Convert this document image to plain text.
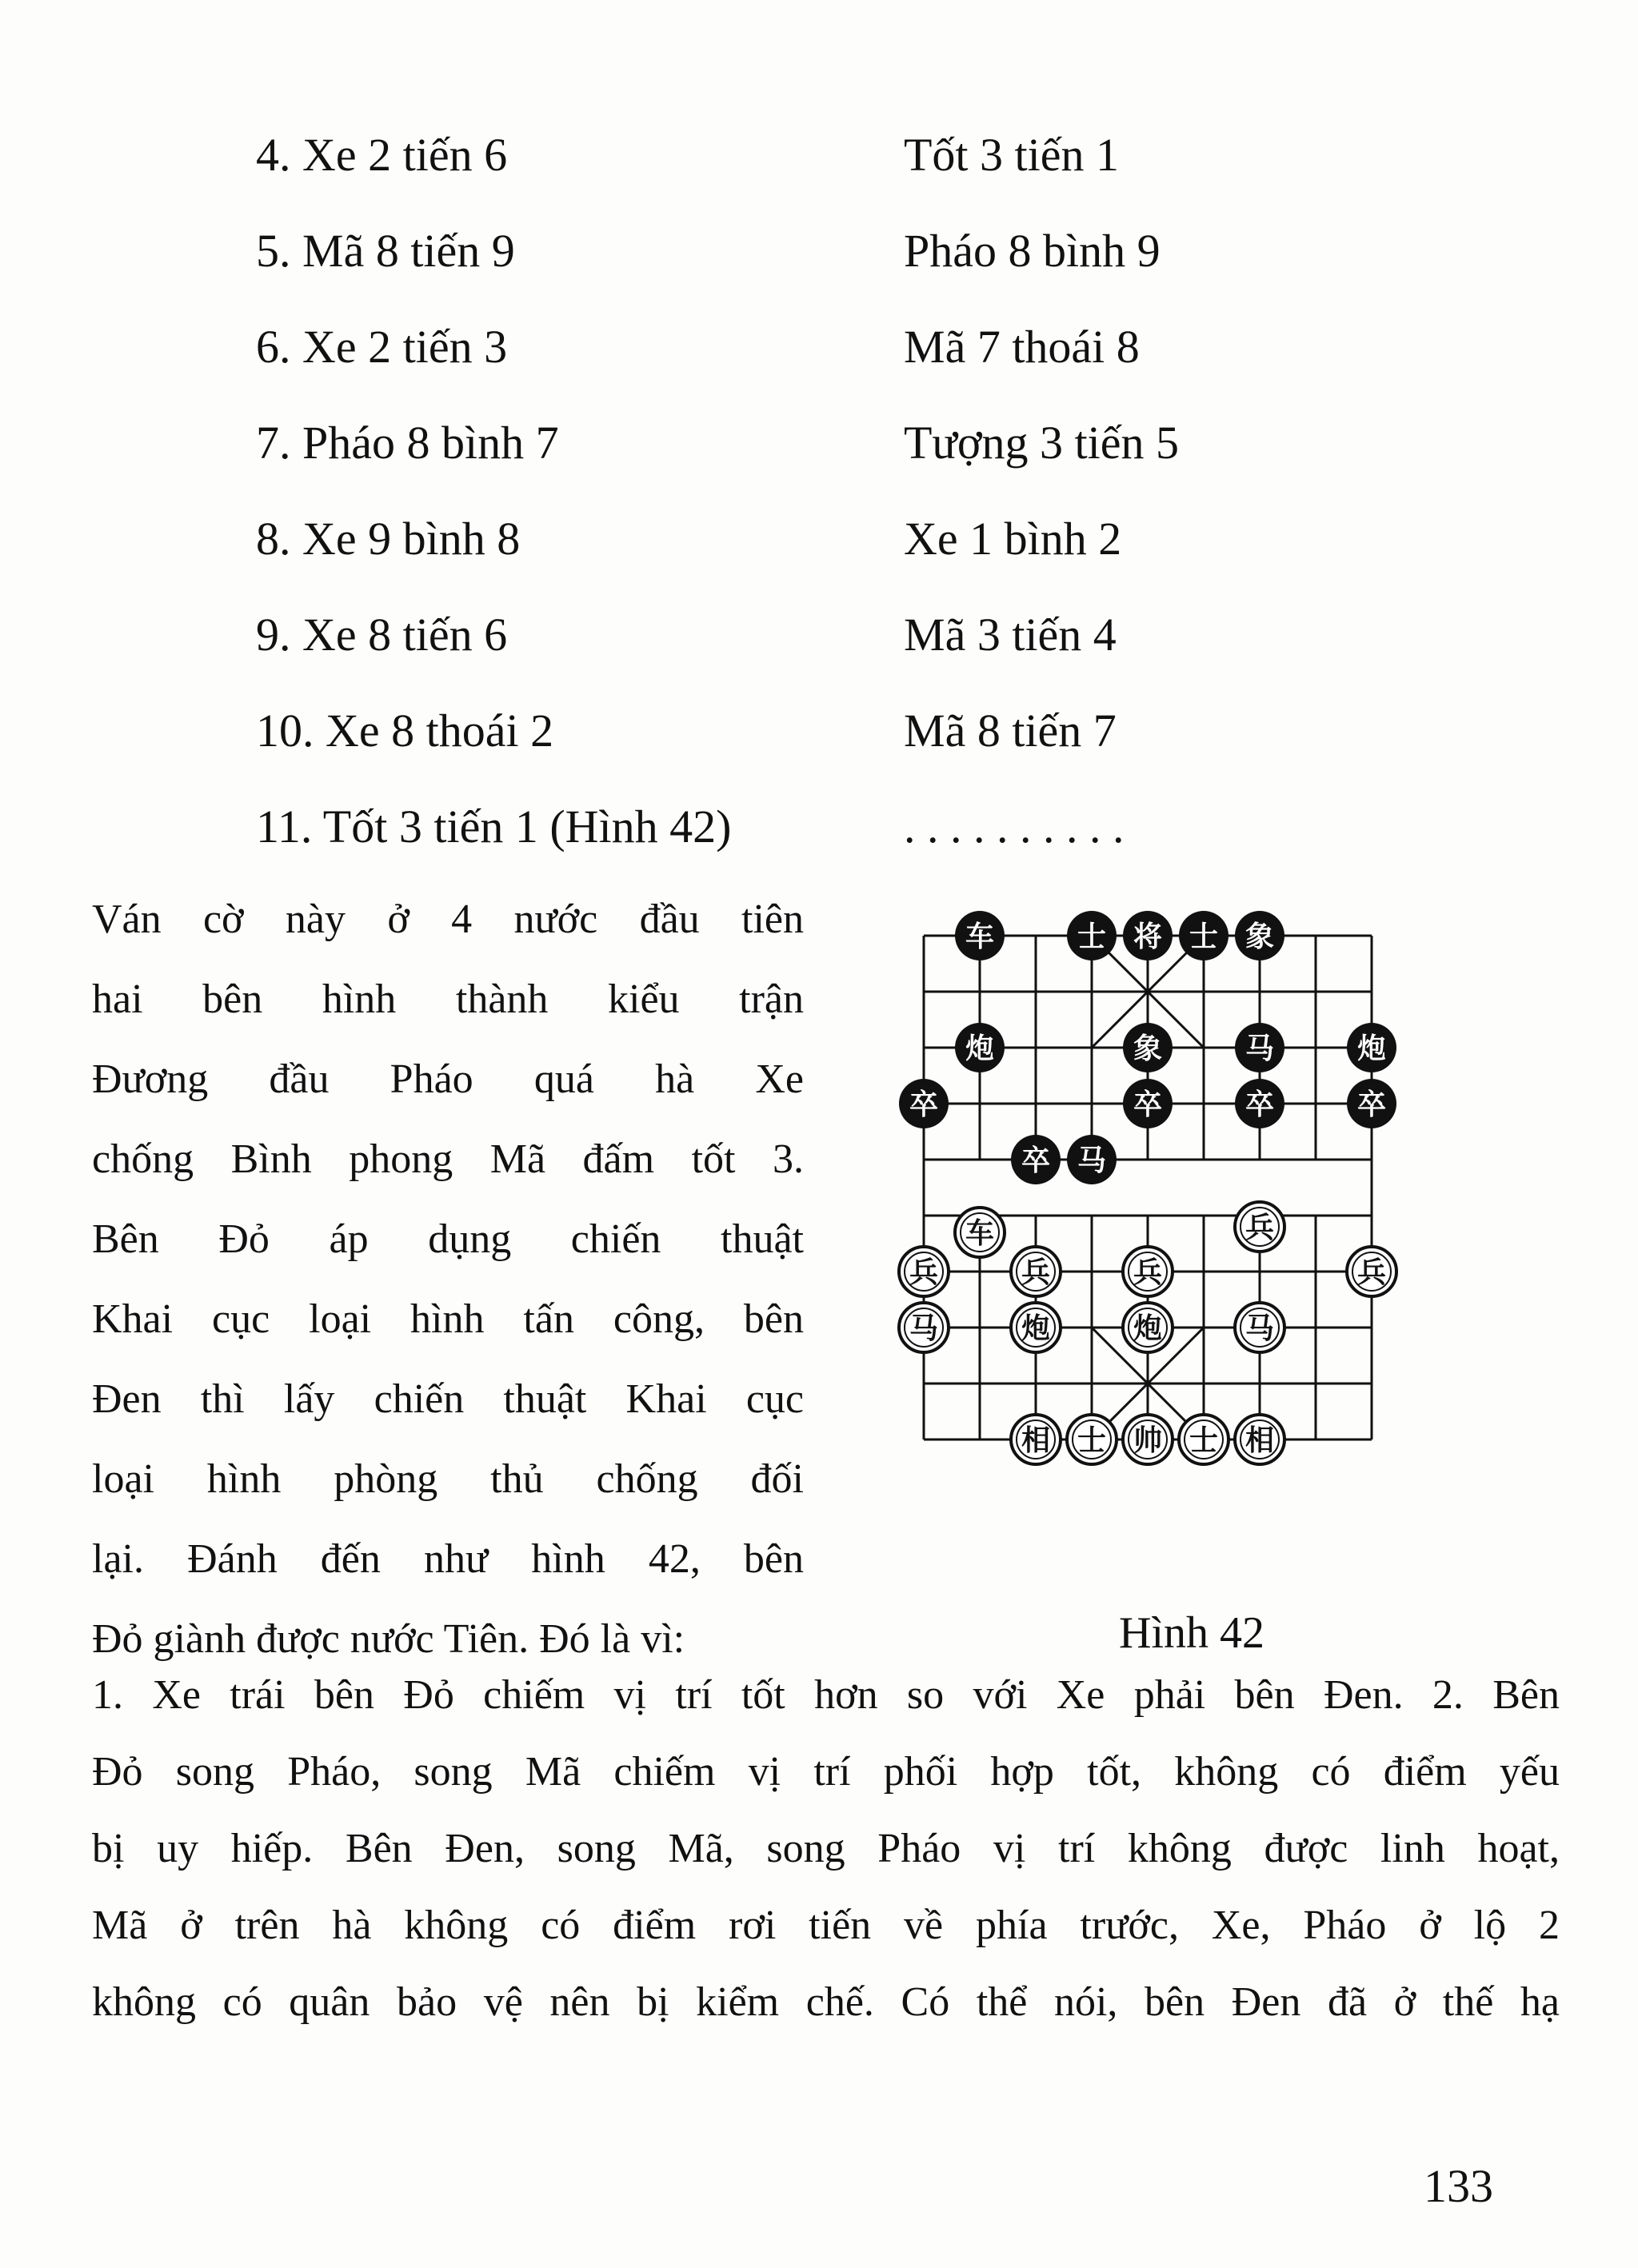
4. Xe 2 tiến 6	Tốt 3 tiến 1
5. Mã 8 tiến 9	Pháo 8 bình 9
6. Xe 2 tiến 3	Mã 7 thoái 8
7. Pháo 8 bình 7	Tượng 3 tiến 5
8. Xe 9 bình 8	Xe 1 bình 2
9. Xe 8 tiến 6	Mã 3 tiến 4
10. Xe 8 thoái 2	Mã 8 tiến 7
11. Tốt 3 tiến 1 (Hình 42)	. . . . . . . . . .
Ván cờ này ở 4 nước đầu tiên
hai bên hình thành kiểu trận
Đương đầu Pháo quá hà Xe
chống Bình phong Mã đấm tốt 3.
Bên Đỏ áp dụng chiến thuật
Khai cục loại hình tấn công, bên
Đen thì lấy chiến thuật Khai cục
loại hình phòng thủ chống đối
lại. Đánh đến như hình 42, bên
Đỏ giành được nước Tiên. Đó là vì:
车	士 将 士 象
炮	象	马	炮
卒	卒	卒	卒
卒 马
车	兵
兵	兵	兵	兵
马	炮	炮	马
相 士 帅 士 相
Hình 42
1. Xe trái bên Đỏ chiếm vị trí tốt hơn so với Xe phải bên Đen. 2. Bên
Đỏ song Pháo, song Mã chiếm vị trí phối hợp tốt, không có điểm yếu
bị uy hiếp. Bên Đen, song Mã, song Pháo vị trí không được linh hoạt,
Mã ở trên hà không có điểm rơi tiến về phía trước, Xe, Pháo ở lộ 2
không có quân bảo vệ nên bị kiểm chế. Có thể nói, bên Đen đã ở thế hạ
133
